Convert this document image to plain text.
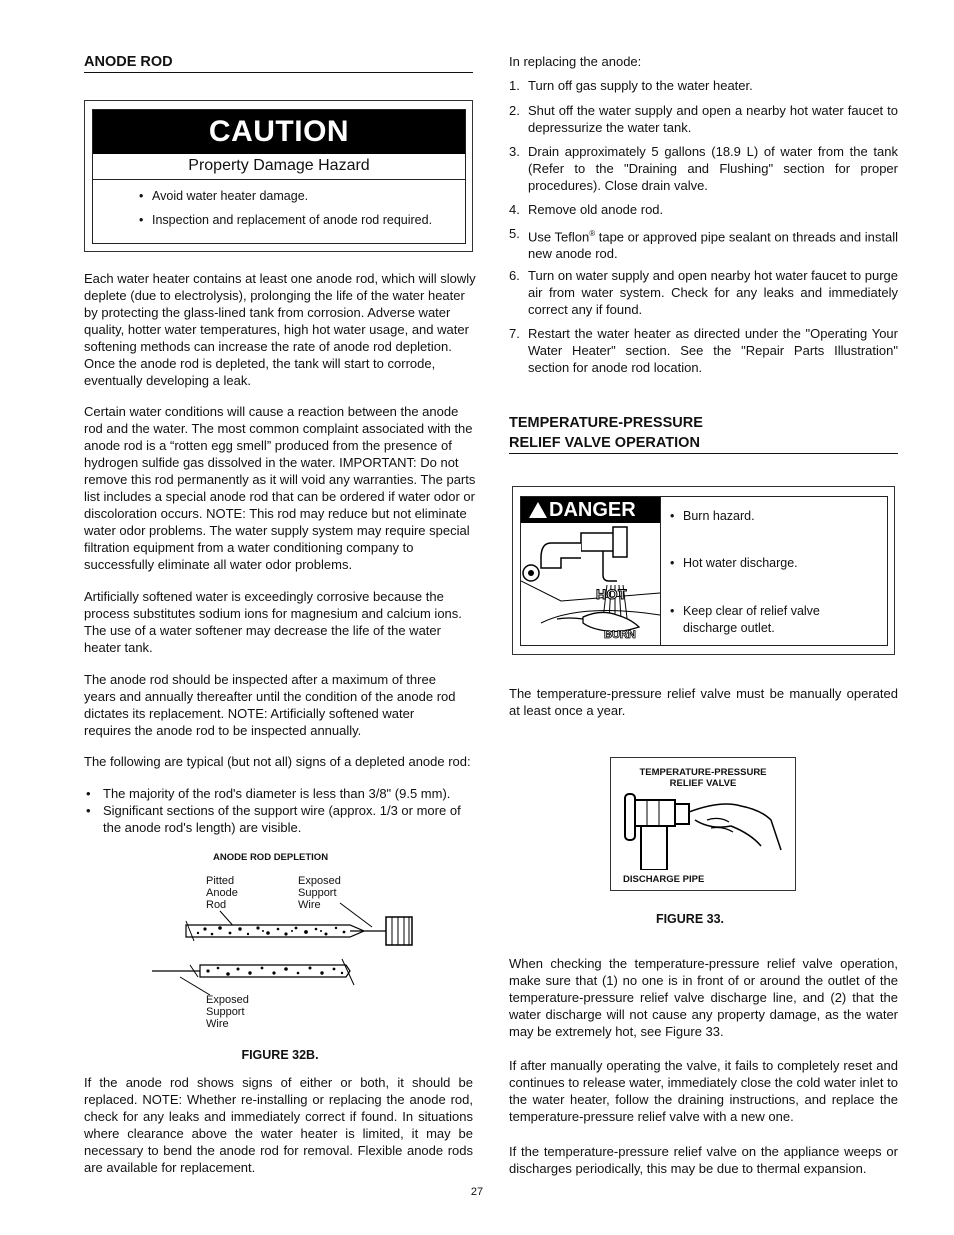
ANODE ROD
CAUTION
Property Damage Hazard
• Avoid water heater damage.
• Inspection and replacement of anode rod required.

Each water heater contains at least one anode rod, which will slowly deplete (due to electrolysis), prolonging the life of the water heater by protecting the glass-lined tank from corrosion. Adverse water quality, hotter water temperatures, high hot water usage, and water softening methods can increase the rate of anode rod depletion. Once the anode rod is depleted, the tank will start to corrode, eventually developing a leak.

Certain water conditions will cause a reaction between the anode rod and the water. The most common complaint associated with the anode rod is a “rotten egg smell” produced from the presence of hydrogen sulfide gas dissolved in the water. IMPORTANT: Do not remove this rod permanently as it will void any warranties. The parts list includes a special anode rod that can be ordered if water odor or discoloration occurs. NOTE: This rod may reduce but not eliminate water odor problems. The water supply system may require special filtration equipment from a water conditioning company to successfully eliminate all water odor problems.

Artificially softened water is exceedingly corrosive because the process substitutes sodium ions for magnesium and calcium ions. The use of a water softener may decrease the life of the water heater tank.

The anode rod should be inspected after a maximum of three years and annually thereafter until the condition of the anode rod dictates its replacement. NOTE: Artificially softened water requires the anode rod to be inspected annually.

The following are typical (but not all) signs of a depleted anode rod:

• The majority of the rod's diameter is less than 3/8" (9.5 mm).
• Significant sections of the support wire (approx. 1/3 or more of the anode rod's length) are visible.
ANODE ROD DEPLETION
Pitted
Anode
Rod
Exposed
Support
Wire
Exposed
Support
Wire
FIGURE 32B.

If the anode rod shows signs of either or both, it should be replaced. NOTE: Whether re-installing or replacing the anode rod, check for any leaks and immediately correct if found. In situations where clearance above the water heater is limited, it may be necessary to bend the anode rod for removal. Flexible anode rods are available for replacement.

In replacing the anode:

1. Turn off gas supply to the water heater.
2. Shut off the water supply and open a nearby hot water faucet to depressurize the water tank.
3. Drain approximately 5 gallons (18.9 L) of water from the tank (Refer to the "Draining and Flushing" section for proper procedures). Close drain valve.
4. Remove old anode rod.
5. Use Teflon® tape or approved pipe sealant on threads and install new anode rod.
6. Turn on water supply and open nearby hot water faucet to purge air from water system. Check for any leaks and immediately correct any if found.
7. Restart the water heater as directed under the "Operating Your Water Heater" section. See the "Repair Parts Illustration" section for anode rod location.
TEMPERATURE-PRESSURE
RELIEF VALVE OPERATION
DANGER
HOT
BURN
• Burn hazard.
• Hot water discharge.
• Keep clear of relief valve discharge outlet.

The temperature-pressure relief valve must be manually operated at least once a year.

TEMPERATURE-PRESSURE
RELIEF VALVE
DISCHARGE PIPE
FIGURE 33.

When checking the temperature-pressure relief valve operation, make sure that (1) no one is in front of or around the outlet of the temperature-pressure relief valve discharge line, and (2) that the water discharge will not cause any property damage, as the water may be extremely hot, see Figure 33.

If after manually operating the valve, it fails to completely reset and continues to release water, immediately close the cold water inlet to the water heater, follow the draining instructions, and replace the temperature-pressure relief valve with a new one.

If the temperature-pressure relief valve on the appliance weeps or discharges periodically, this may be due to thermal expansion.

27
